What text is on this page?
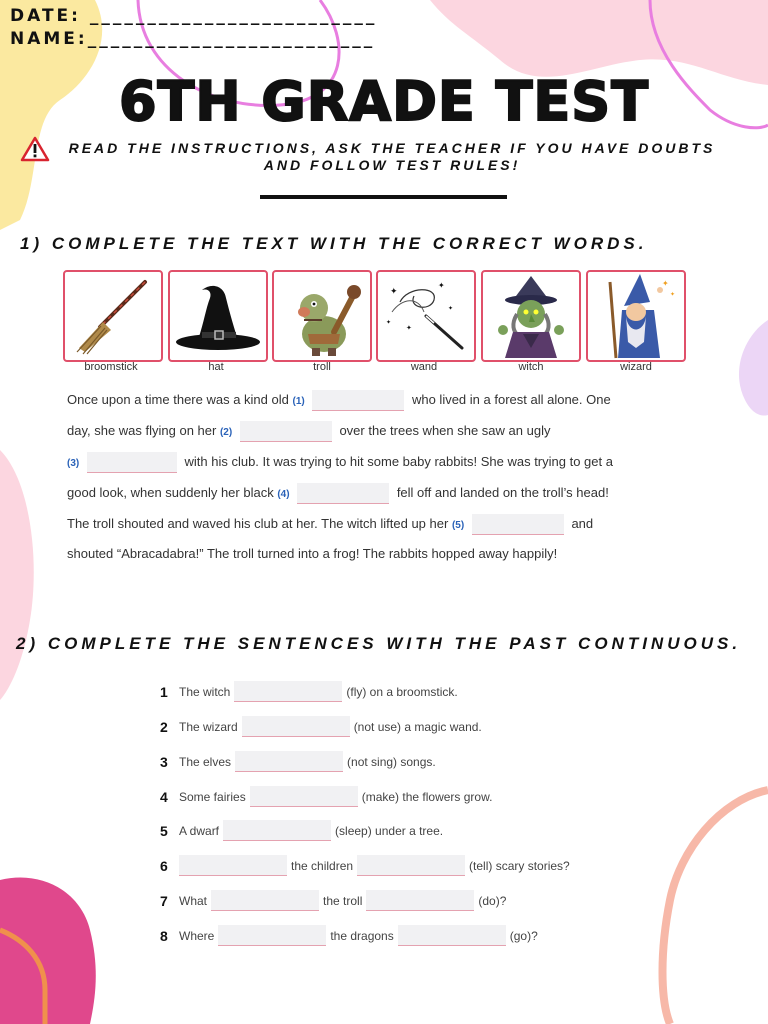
DATE: _________________________
NAME:_________________________
6TH GRADE TEST
READ THE INSTRUCTIONS, ASK THE TEACHER IF YOU HAVE DOUBTS
AND FOLLOW TEST RULES!
1) COMPLETE THE TEXT WITH THE CORRECT WORDS.
✦
✦
✦
✦
✦
✦
✦
broomstick	hat	troll	wand	witch	wizard
Once upon a time there was a kind old (1)	who lived in a forest all alone. One
day, she was flying on her (2)	over the trees when she saw an ugly
(3)	with his club. It was trying to hit some baby rabbits! She was trying to get a
good look, when suddenly her black (4)	fell off and landed on the troll’s head!
The troll shouted and waved his club at her. The witch lifted up her (5)	and
shouted “Abracadabra!” The troll turned into a frog! The rabbits hopped away happily!
2) COMPLETE THE SENTENCES WITH THE PAST CONTINUOUS.
1 The witch	(fly) on a broomstick.
2 The wizard	(not use) a magic wand.
3 The elves	(not sing) songs.
4 Some fairies	(make) the flowers grow.
5 A dwarf	(sleep) under a tree.
6	the children	(tell) scary stories?
7 What	the troll	(do)?
8 Where	the dragons	(go)?
